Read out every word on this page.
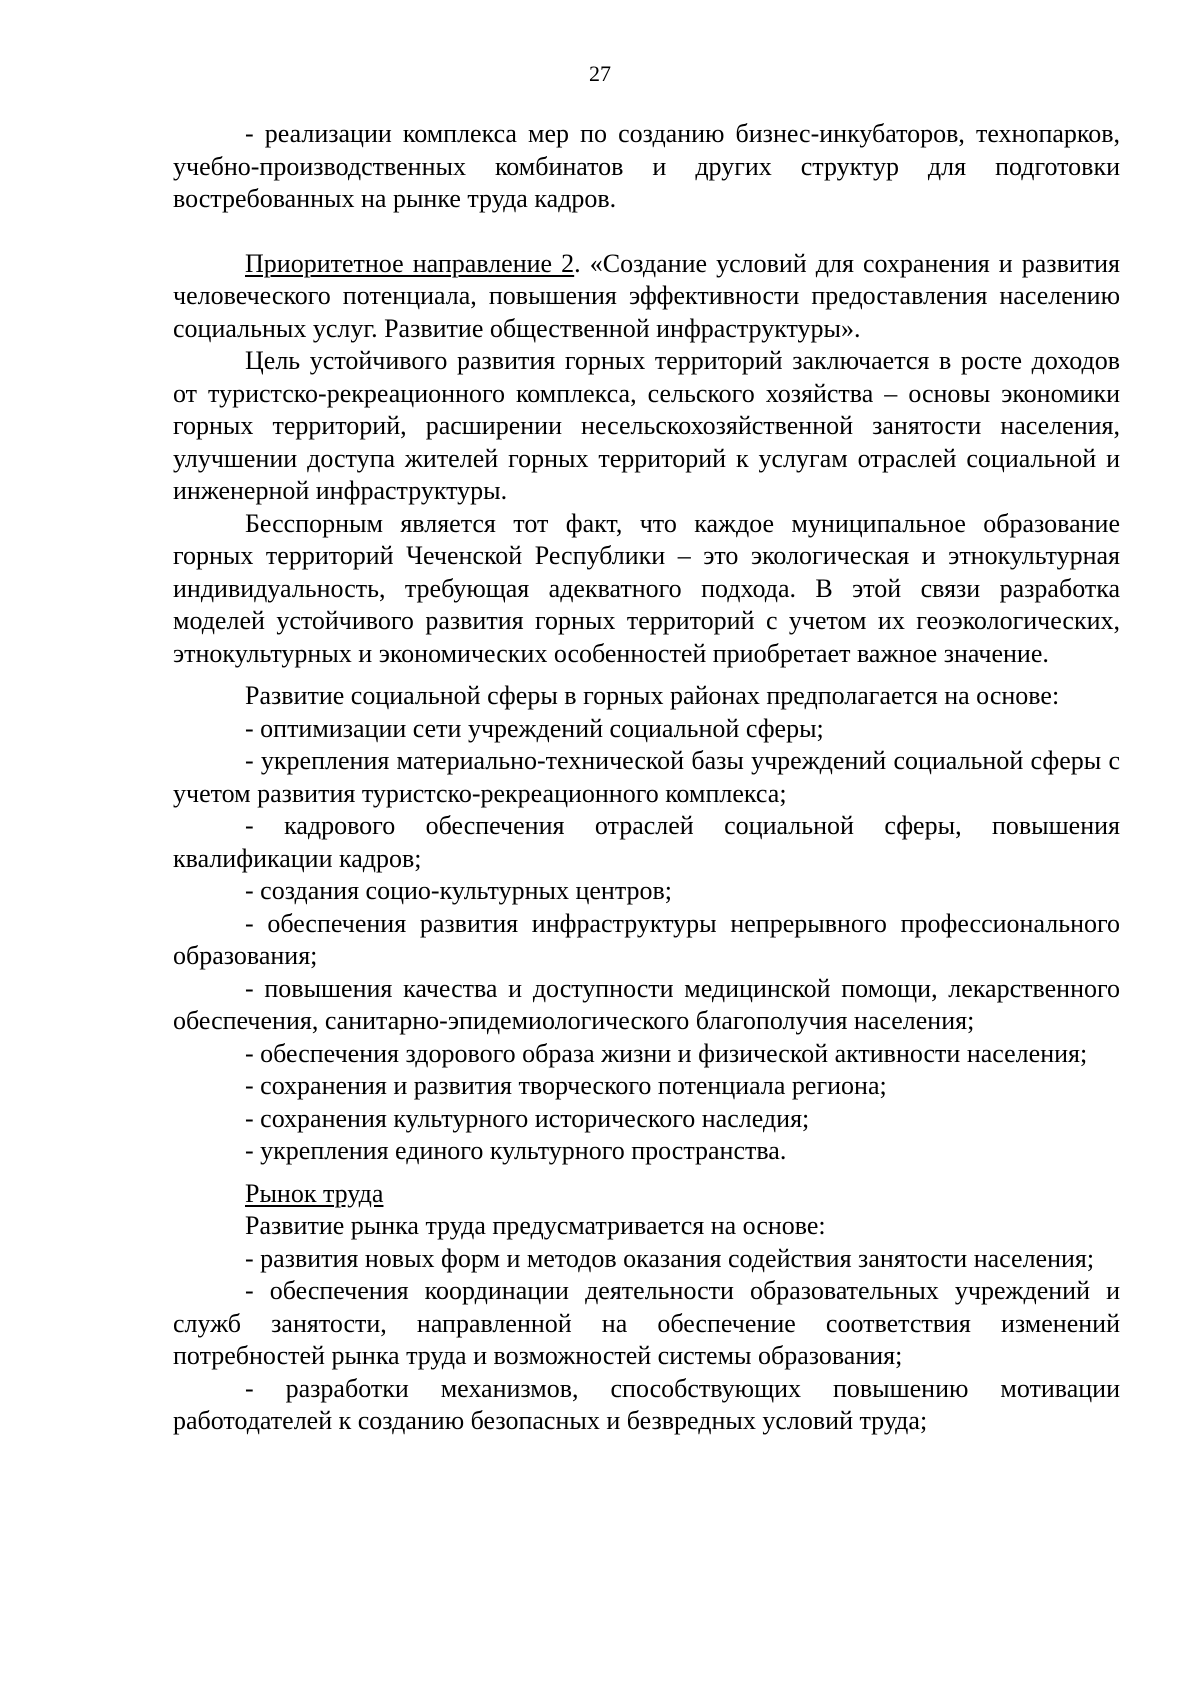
27

- реализации комплекса мер по созданию бизнес-инкубаторов, технопарков, учебно-производственных комбинатов и других структур для подготовки востребованных на рынке труда кадров.

Приоритетное направление 2. «Создание условий для сохранения и развития человеческого потенциала, повышения эффективности предоставления населению социальных услуг. Развитие общественной инфраструктуры».

Цель устойчивого развития горных территорий заключается в росте доходов от туристско-рекреационного комплекса, сельского хозяйства – основы экономики горных территорий, расширении несельскохозяйственной занятости населения, улучшении доступа жителей горных территорий к услугам отраслей социальной и инженерной инфраструктуры.

Бесспорным является тот факт, что каждое муниципальное образование горных территорий Чеченской Республики – это экологическая и этнокультурная индивидуальность, требующая адекватного подхода. В этой связи разработка моделей устойчивого развития горных территорий с учетом их геоэкологических, этнокультурных и экономических особенностей приобретает важное значение.

Развитие социальной сферы в горных районах предполагается на основе:

- оптимизации сети учреждений социальной сферы;

- укрепления материально-технической базы учреждений социальной сферы с учетом развития туристско-рекреационного комплекса;

- кадрового обеспечения отраслей социальной сферы, повышения квалификации кадров;

- создания социо-культурных центров;

- обеспечения развития инфраструктуры непрерывного профессионального образования;

- повышения качества и доступности медицинской помощи, лекарственного обеспечения, санитарно-эпидемиологического благополучия населения;

- обеспечения здорового образа жизни и физической активности населения;

- сохранения и развития творческого потенциала региона;

- сохранения культурного исторического наследия;

- укрепления единого культурного пространства.

Рынок труда

Развитие рынка труда предусматривается на основе:

- развития новых форм и методов оказания содействия занятости населения;

- обеспечения координации деятельности образовательных учреждений и служб занятости, направленной на обеспечение соответствия изменений потребностей рынка труда и возможностей системы образования;

- разработки механизмов, способствующих повышению мотивации работодателей к созданию безопасных и безвредных условий труда;
